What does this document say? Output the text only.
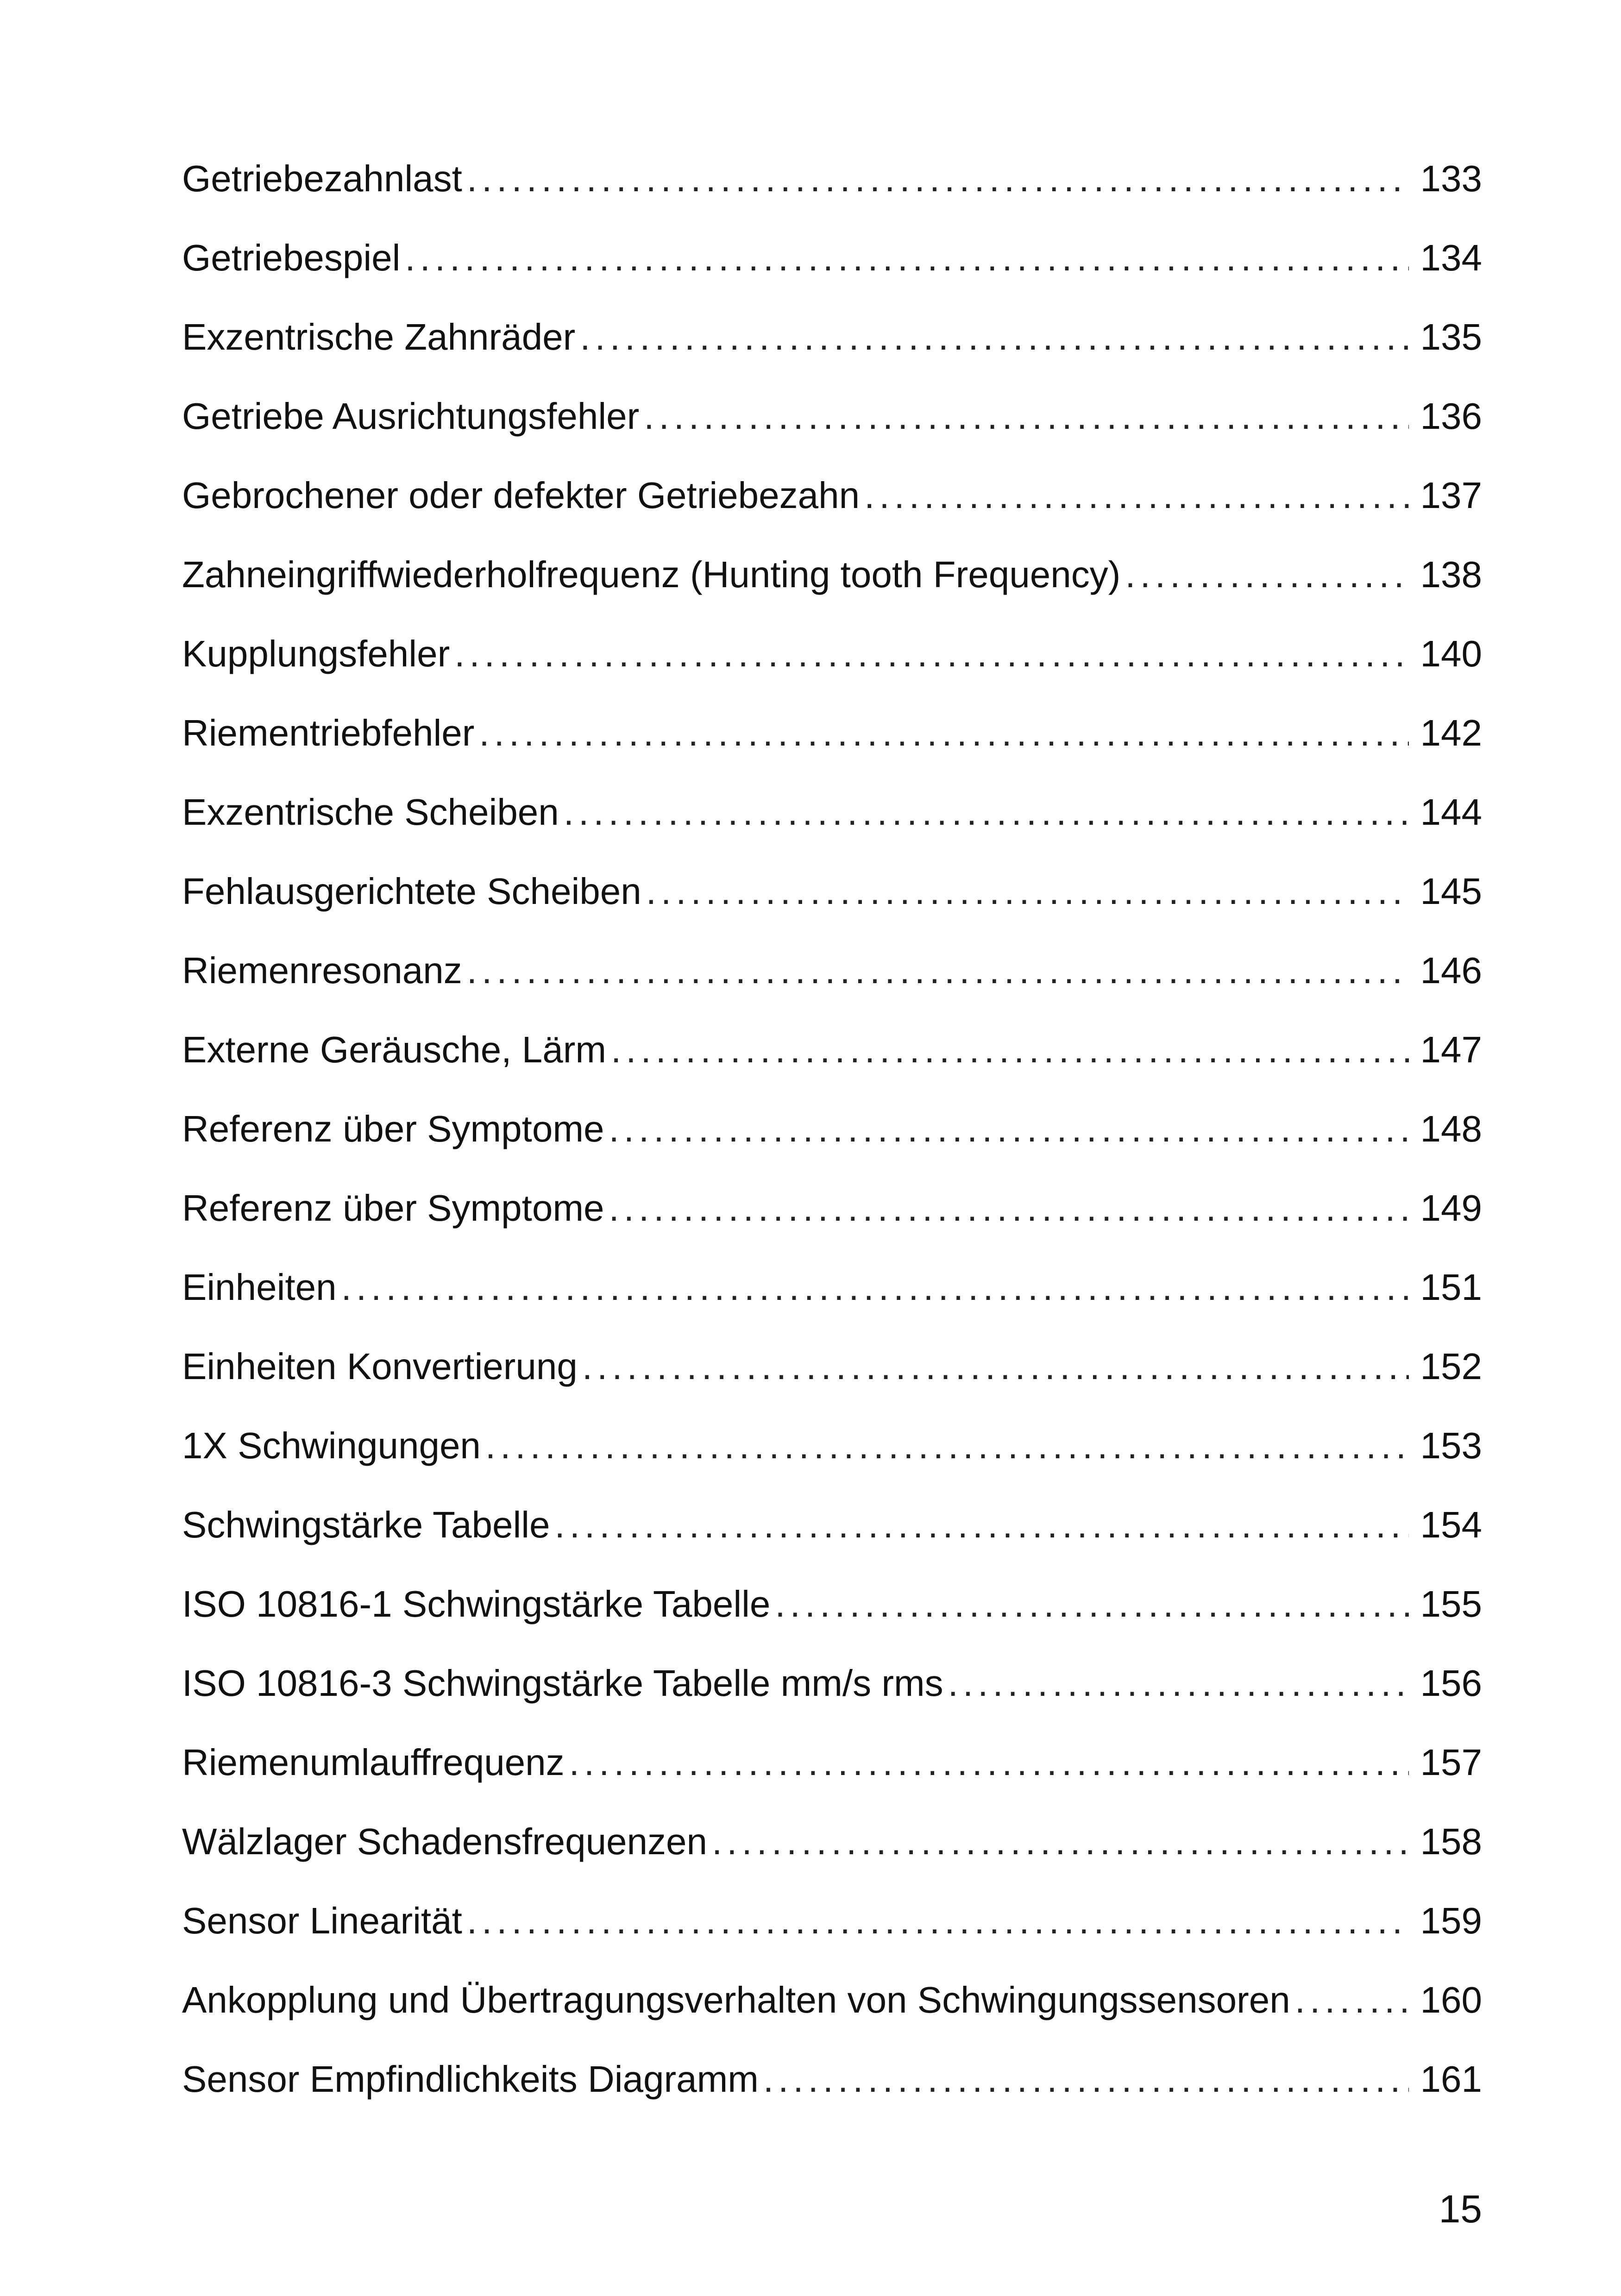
Getriebezahnlast .....	133
Getriebespiel .....	134
Exzentrische Zahnräder .....	135
Getriebe Ausrichtungsfehler .....	136
Gebrochener oder defekter Getriebezahn .....	137
Zahneingriffwiederholfrequenz (Hunting tooth Frequency) .....	138
Kupplungsfehler .....	140
Riementriebfehler .....	142
Exzentrische Scheiben .....	144
Fehlausgerichtete Scheiben .....	145
Riemenresonanz .....	146
Externe Geräusche, Lärm .....	147
Referenz über Symptome .....	148
Referenz über Symptome .....	149
Einheiten .....	151
Einheiten Konvertierung .....	152
1X Schwingungen .....	153
Schwingstärke Tabelle .....	154
ISO 10816-1 Schwingstärke Tabelle .....	155
ISO 10816-3 Schwingstärke Tabelle mm/s rms .....	156
Riemenumlauffrequenz .....	157
Wälzlager Schadensfrequenzen .....	158
Sensor Linearität .....	159
Ankopplung und Übertragungsverhalten von Schwingungssensoren .....	160
Sensor Empfindlichkeits Diagramm .....	161
15
